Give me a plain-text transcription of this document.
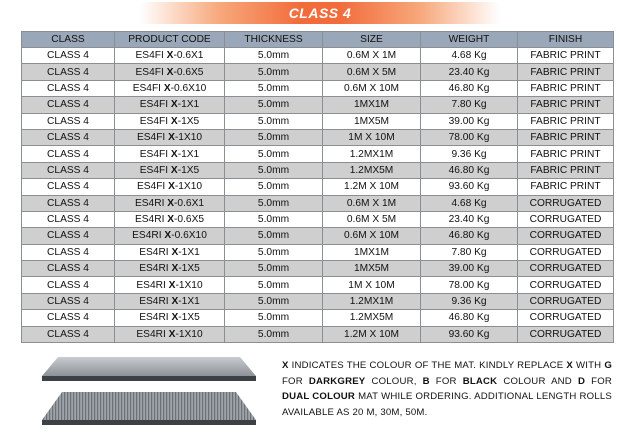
CLASS 4
CLASS	PRODUCT CODE	THICKNESS	SIZE	WEIGHT	FINISH
CLASS 4	ES4FI X-0.6X1	5.0mm	0.6M X 1M	4.68 Kg	FABRIC PRINT
CLASS 4	ES4FI X-0.6X5	5.0mm	0.6M X 5M	23.40 Kg	FABRIC PRINT
CLASS 4	ES4FI X-0.6X10	5.0mm	0.6M X 10M	46.80 Kg	FABRIC PRINT
CLASS 4	ES4FI X-1X1	5.0mm	1MX1M	7.80 Kg	FABRIC PRINT
CLASS 4	ES4FI X-1X5	5.0mm	1MX5M	39.00 Kg	FABRIC PRINT
CLASS 4	ES4FI X-1X10	5.0mm	1M X 10M	78.00 Kg	FABRIC PRINT
CLASS 4	ES4FI X-1X1	5.0mm	1.2MX1M	9.36 Kg	FABRIC PRINT
CLASS 4	ES4FI X-1X5	5.0mm	1.2MX5M	46.80 Kg	FABRIC PRINT
CLASS 4	ES4FI X-1X10	5.0mm	1.2M X 10M	93.60 Kg	FABRIC PRINT
CLASS 4	ES4RI X-0.6X1	5.0mm	0.6M X 1M	4.68 Kg	CORRUGATED
CLASS 4	ES4RI X-0.6X5	5.0mm	0.6M X 5M	23.40 Kg	CORRUGATED
CLASS 4	ES4RI X-0.6X10	5.0mm	0.6M X 10M	46.80 Kg	CORRUGATED
CLASS 4	ES4RI X-1X1	5.0mm	1MX1M	7.80 Kg	CORRUGATED
CLASS 4	ES4RI X-1X5	5.0mm	1MX5M	39.00 Kg	CORRUGATED
CLASS 4	ES4RI X-1X10	5.0mm	1M X 10M	78.00 Kg	CORRUGATED
CLASS 4	ES4RI X-1X1	5.0mm	1.2MX1M	9.36 Kg	CORRUGATED
CLASS 4	ES4RI X-1X5	5.0mm	1.2MX5M	46.80 Kg	CORRUGATED
CLASS 4	ES4RI X-1X10	5.0mm	1.2M X 10M	93.60 Kg	CORRUGATED
X INDICATES THE COLOUR OF THE MAT. KINDLY REPLACE X WITH G FOR DARKGREY COLOUR, B FOR BLACK COLOUR AND D FOR DUAL COLOUR MAT WHILE ORDERING. ADDITIONAL LENGTH ROLLS AVAILABLE AS 20 M, 30M, 50M.
